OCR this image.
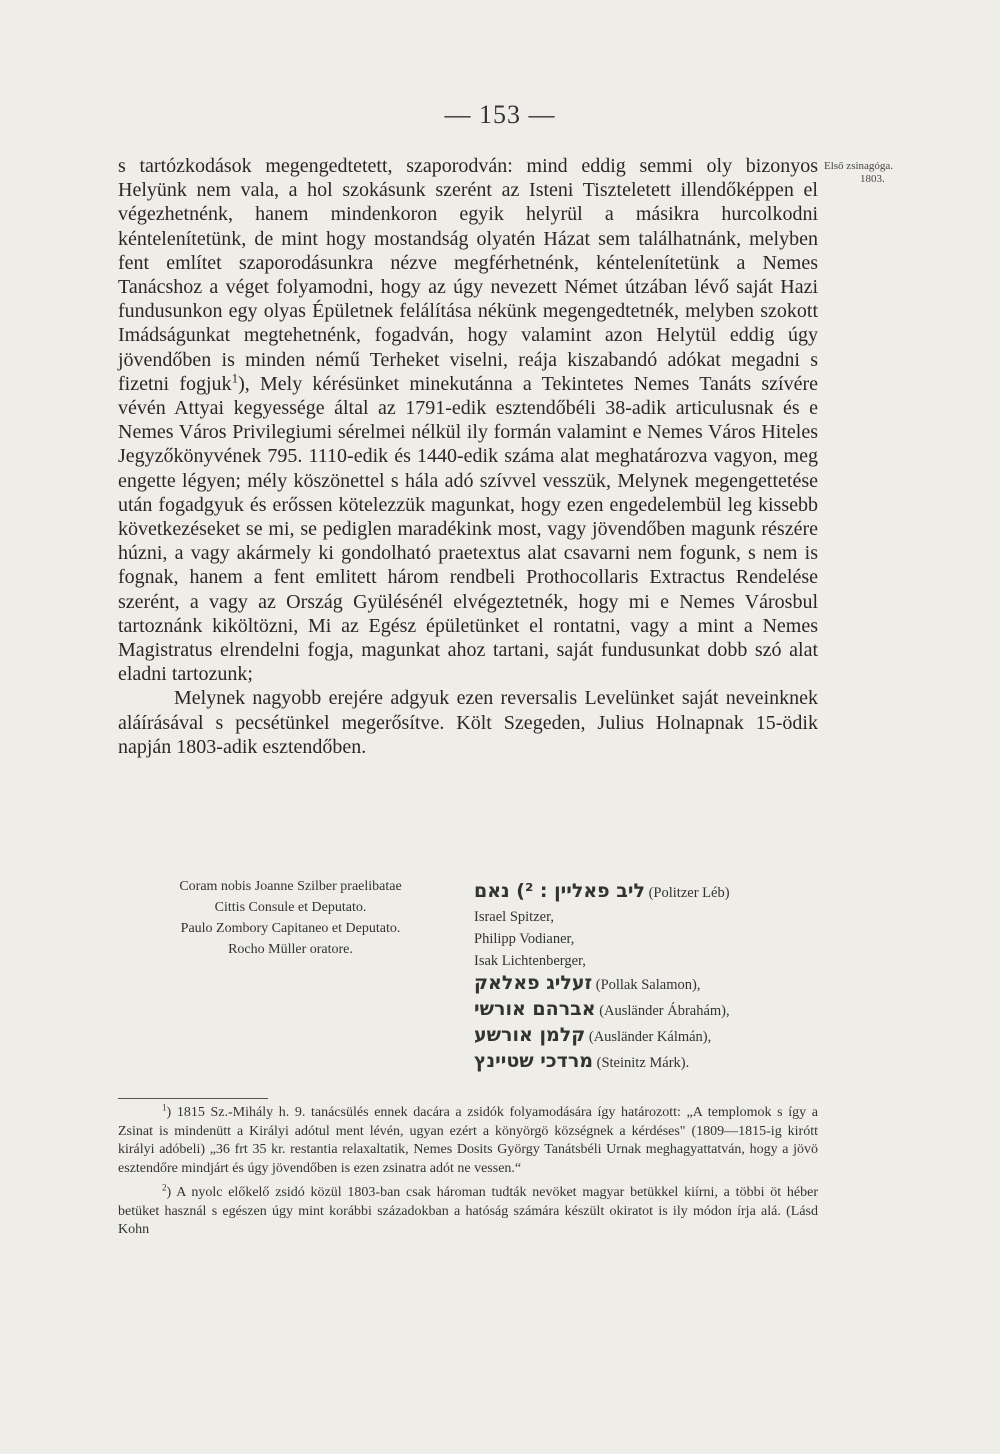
— 153 —
Első zsinagóga.
1803.

s tartózkodások megengedtetett, szaporodván: mind eddig semmi oly bizonyos Helyünk nem vala, a hol szokásunk szerént az Isteni Tiszteletett illendőképpen el végezhetnénk, hanem mindenkoron egyik helyrül a másikra hurcolkodni kéntelenítetünk, de mint hogy mostandság olyatén Házat sem találhatnánk, melyben fent említet szaporodásunkra nézve megférhetnénk, kéntelenítetünk a Nemes Tanácshoz a véget folyamodni, hogy az úgy nevezett Német útzában lévő saját Hazi fundusunkon egy olyas Épületnek felálítása nékünk megengedtetnék, melyben szokott Imádságunkat megtehetnénk, fogadván, hogy valamint azon Helytül eddig úgy jövendőben is minden némű Terheket viselni, reája kiszabandó adókat megadni s fizetni fogjuk$^1$), Mely kérésünket minekutánna a Tekintetes Nemes Tanáts szívére vévén Attyai kegyessége által az 1791-edik esztendőbéli 38-adik articulusnak és e Nemes Város Privilegiumi sérelmei nélkül ily formán valamint e Nemes Város Hiteles Jegyzőkönyvének 795. 1110-edik és 1440-edik száma alat meghatározva vagyon, meg engette légyen; mély köszönettel s hála adó szívvel vesszük, Melynek megengettetése után fogadgyuk és erőssen kötelezzük magunkat, hogy ezen engedelembül leg kissebb következéseket se mi, se pediglen maradékink most, vagy jövendőben magunk részére húzni, a vagy akármely ki gondolható praetextus alat csavarni nem fogunk, s nem is fognak, hanem a fent emlitett három rendbeli Prothocollaris Extractus Rendelése szerént, a vagy az Ország Gyülésénél elvégeztetnék, hogy mi e Nemes Városbul tartoznánk kiköltözni, Mi az Egész épületünket el rontatni, vagy a mint a Nemes Magistratus elrendelni fogja, magunkat ahoz tartani, saját fundusunkat dobb szó alat eladni tartozunk;

Melynek nagyobb erejére adgyuk ezen reversalis Levelünket saját neveinknek aláírásával s pecsétünkel megerősítve. Költ Szegeden, Julius Holnapnak 15-ödik napján 1803-adik esztendőben.

Coram nobis Joanne Szilber praelibatae
Cittis Consule et Deputato.
Paulo Zombory Capitaneo et Deputato.
Rocho Müller oratore.
ליב פאליין : ²) נאם (Politzer Léb)
Israel Spitzer,
Philipp Vodianer,
Isak Lichtenberger,
זעליג פאלאק (Pollak Salamon),
אברהם אורשי (Ausländer Ábrahám),
קלמן אורשע (Ausländer Kálmán),
מרדכי שטיינץ (Steinitz Márk).

$^1$) 1815 Sz.-Mihály h. 9. tanácsülés ennek dacára a zsidók folyamodására így határozott: „A templomok s így a Zsinat is mindenütt a Királyi adótul ment lévén, ugyan ezért a könyörgö községnek a kérdéses" (1809—1815-ig kirótt királyi adóbeli) „36 frt 35 kr. restantia relaxaltatik, Nemes Dosits György Tanátsbéli Urnak meghagyattatván, hogy a jövö esztendőre mindjárt és úgy jövendőben is ezen zsinatra adót ne vessen.“

$^2$) A nyolc előkelő zsidó közül 1803-ban csak hároman tudták nevöket magyar betükkel kiírni, a többi öt héber betüket használ s egészen úgy mint korábbi századokban a hatóság számára készült okiratot is ily módon írja alá. (Lásd Kohn
